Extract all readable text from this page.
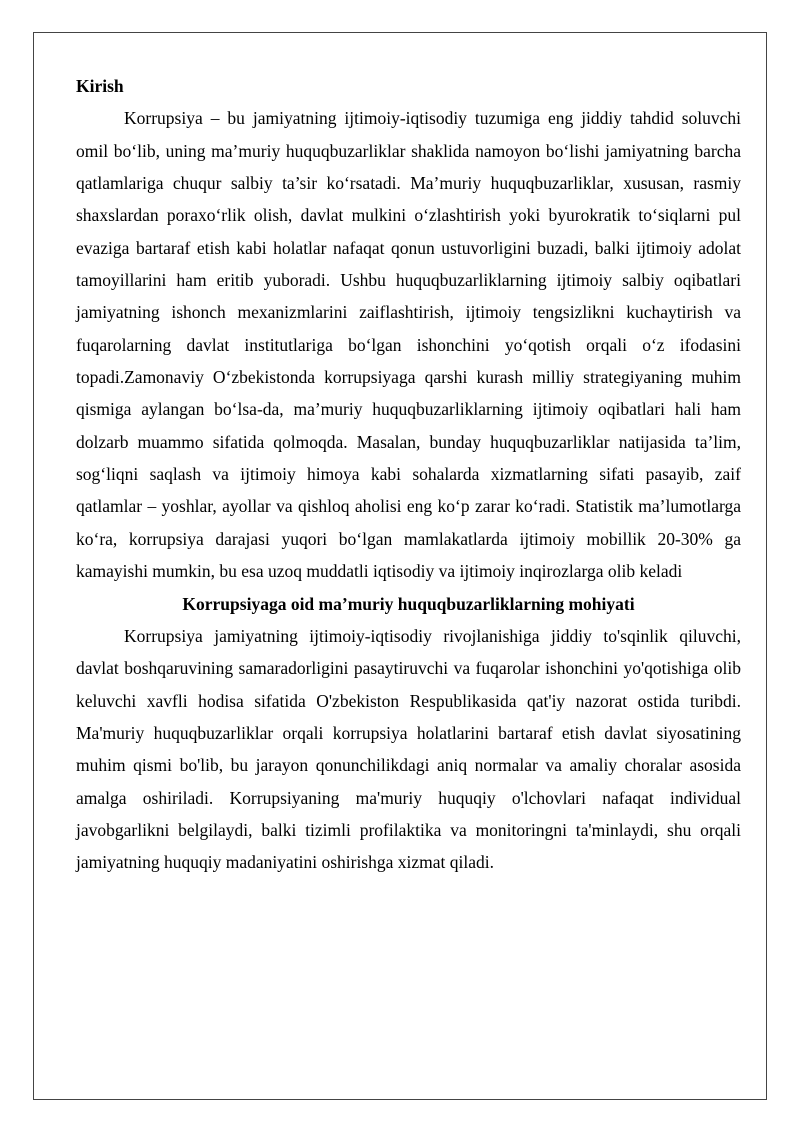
Kirish

Korrupsiya – bu jamiyatning ijtimoiy-iqtisodiy tuzumiga eng jiddiy tahdid soluvchi omil bo‘lib, uning ma’muriy huquqbuzarliklar shaklida namoyon bo‘lishi jamiyatning barcha qatlamlariga chuqur salbiy ta’sir ko‘rsatadi. Ma’muriy huquqbuzarliklar, xususan, rasmiy shaxslardan poraxo‘rlik olish, davlat mulkini o‘zlashtirish yoki byurokratik to‘siqlarni pul evaziga bartaraf etish kabi holatlar nafaqat qonun ustuvorligini buzadi, balki ijtimoiy adolat tamoyillarini ham eritib yuboradi. Ushbu huquqbuzarliklarning ijtimoiy salbiy oqibatlari jamiyatning ishonch mexanizmlarini zaiflashtirish, ijtimoiy tengsizlikni kuchaytirish va fuqarolarning davlat institutlariga bo‘lgan ishonchini yo‘qotish orqali o‘z ifodasini topadi.Zamonaviy O‘zbekistonda korrupsiyaga qarshi kurash milliy strategiyaning muhim qismiga aylangan bo‘lsa-da, ma’muriy huquqbuzarliklarning ijtimoiy oqibatlari hali ham dolzarb muammo sifatida qolmoqda. Masalan, bunday huquqbuzarliklar natijasida ta’lim, sog‘liqni saqlash va ijtimoiy himoya kabi sohalarda xizmatlarning sifati pasayib, zaif qatlamlar – yoshlar, ayollar va qishloq aholisi eng ko‘p zarar ko‘radi. Statistik ma’lumotlarga ko‘ra, korrupsiya darajasi yuqori bo‘lgan mamlakatlarda ijtimoiy mobillik 20-30% ga kamayishi mumkin, bu esa uzoq muddatli iqtisodiy va ijtimoiy inqirozlarga olib keladi

Korrupsiyaga oid ma’muriy huquqbuzarliklarning mohiyati

Korrupsiya jamiyatning ijtimoiy-iqtisodiy rivojlanishiga jiddiy to'sqinlik qiluvchi, davlat boshqaruvining samaradorligini pasaytiruvchi va fuqarolar ishonchini yo'qotishiga olib keluvchi xavfli hodisa sifatida O'zbekiston Respublikasida qat'iy nazorat ostida turibdi. Ma'muriy huquqbuzarliklar orqali korrupsiya holatlarini bartaraf etish davlat siyosatining muhim qismi bo'lib, bu jarayon qonunchilikdagi aniq normalar va amaliy choralar asosida amalga oshiriladi. Korrupsiyaning ma'muriy huquqiy o'lchovlari nafaqat individual javobgarlikni belgilaydi, balki tizimli profilaktika va monitoringni ta'minlaydi, shu orqali jamiyatning huquqiy madaniyatini oshirishga xizmat qiladi.
